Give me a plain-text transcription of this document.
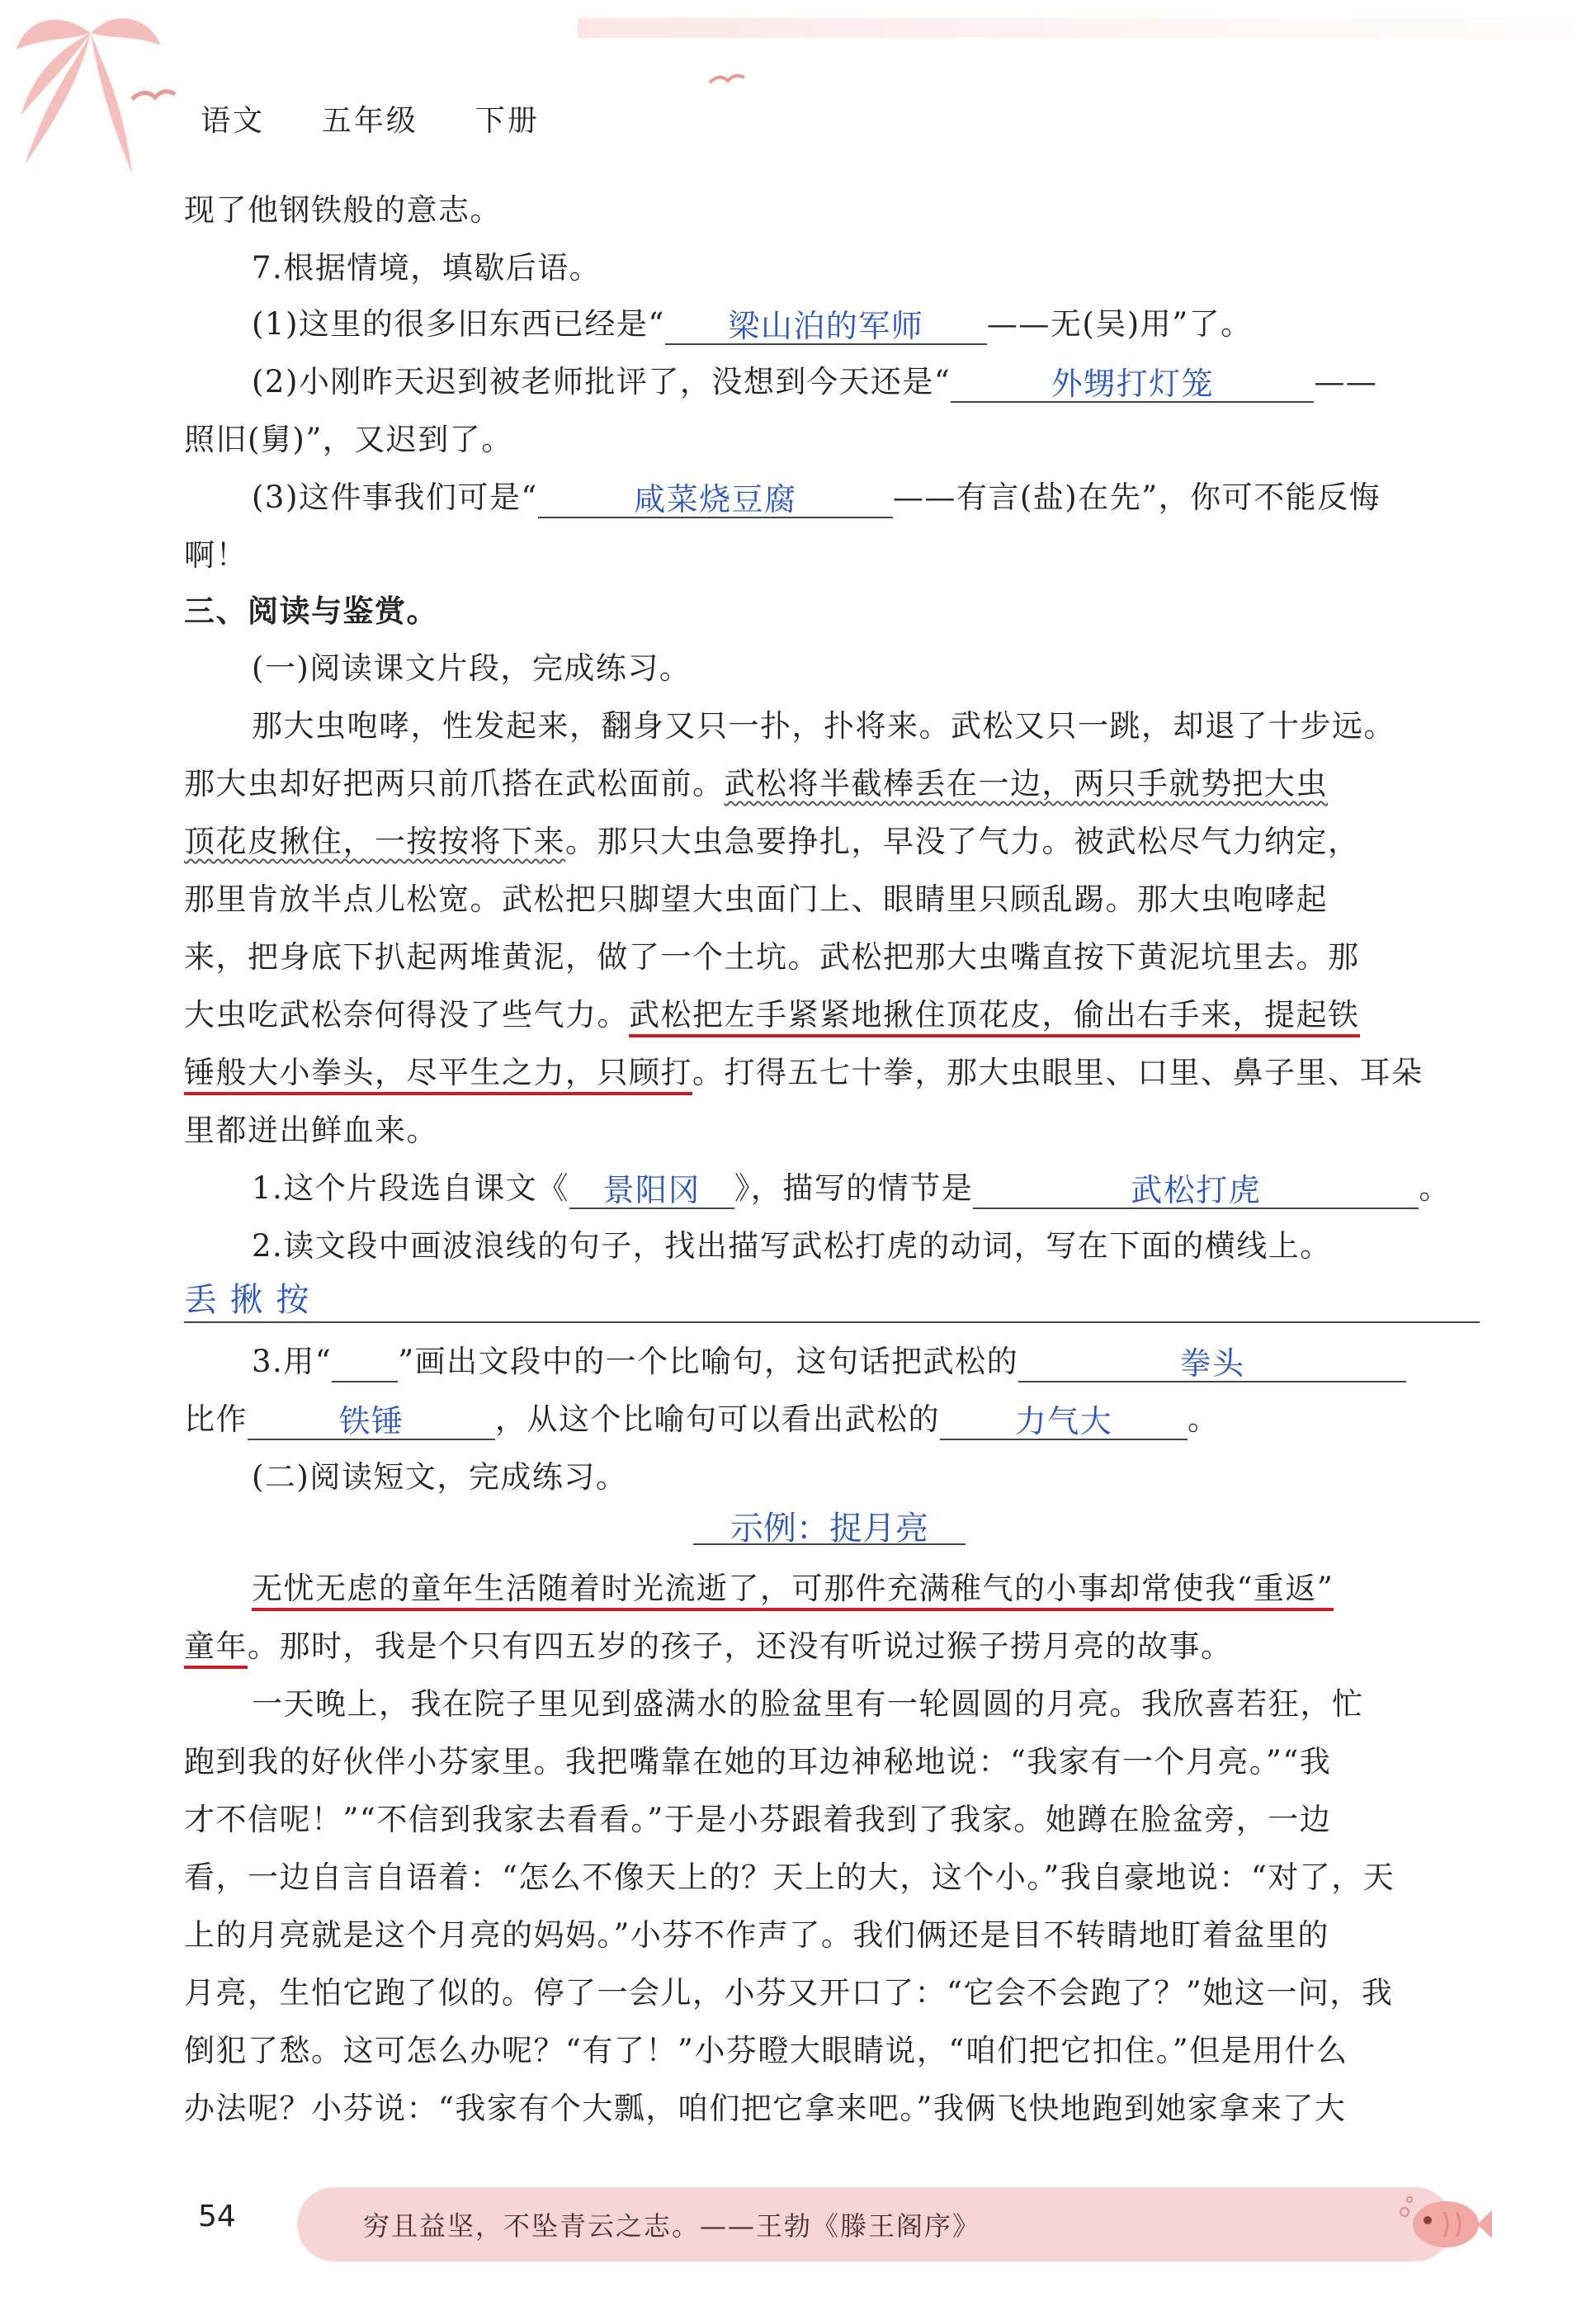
语文 五年级 下册
现了他钢铁般的意志。
7.根据情境，填歇后语。
(1)这里的很多旧东西已经是“ 梁山泊的军师 ——无(吴)用”了。
(2)小刚昨天迟到被老师批评了，没想到今天还是“	外甥打灯笼	——
照旧(舅)”，又迟到了。
(3)这件事我们可是“	咸菜烧豆腐	——有言(盐)在先”，你可不能反悔
啊！
三、阅读与鉴赏。
(一)阅读课文片段，完成练习。
那大虫咆哮，性发起来，翻身又只一扑，扑将来。武松又只一跳，却退了十步远。
那大虫却好把两只前爪搭在武松面前。武松将半截棒丢在一边，两只手就势把大虫
顶花皮揪住，一按按将下来。那只大虫急要挣扎，早没了气力。被武松尽气力纳定，
那里肯放半点儿松宽。武松把只脚望大虫面门上、眼睛里只顾乱踢。那大虫咆哮起
来，把身底下扒起两堆黄泥，做了一个土坑。武松把那大虫嘴直按下黄泥坑里去。那
大虫吃武松奈何得没了些气力。武松把左手紧紧地揪住顶花皮，偷出右手来，提起铁
锤般大小拳头，尽平生之力，只顾打。打得五七十拳，那大虫眼里、口里、鼻子里、耳朵
里都迸出鲜血来。
1.这个片段选自课文《 景阳冈 》，描写的情节是	武松打虎	。
2.读文段中画波浪线的句子，找出描写武松打虎的动词，写在下面的横线上。
丢 揪 按
3.用“ ”画出文段中的一个比喻句，这句话把武松的	拳头
比作	铁锤	，从这个比喻句可以看出武松的 力气大 。
(二)阅读短文，完成练习。
示例：捉月亮
无忧无虑的童年生活随着时光流逝了，可那件充满稚气的小事却常使我“重返”
童年。那时，我是个只有四五岁的孩子，还没有听说过猴子捞月亮的故事。
一天晚上，我在院子里见到盛满水的脸盆里有一轮圆圆的月亮。我欣喜若狂，忙
跑到我的好伙伴小芬家里。我把嘴靠在她的耳边神秘地说：“我家有一个月亮。”“我
才不信呢！”“不信到我家去看看。”于是小芬跟着我到了我家。她蹲在脸盆旁，一边
看，一边自言自语着：“怎么不像天上的？天上的大，这个小。”我自豪地说：“对了，天
上的月亮就是这个月亮的妈妈。”小芬不作声了。我们俩还是目不转睛地盯着盆里的
月亮，生怕它跑了似的。停了一会儿，小芬又开口了：“它会不会跑了？”她这一问，我
倒犯了愁。这可怎么办呢？“有了！”小芬瞪大眼睛说，“咱们把它扣住。”但是用什么
办法呢？小芬说：“我家有个大瓢，咱们把它拿来吧。”我俩飞快地跑到她家拿来了大
54	穷且益坚，不坠青云之志。——王勃《滕王阁序》
